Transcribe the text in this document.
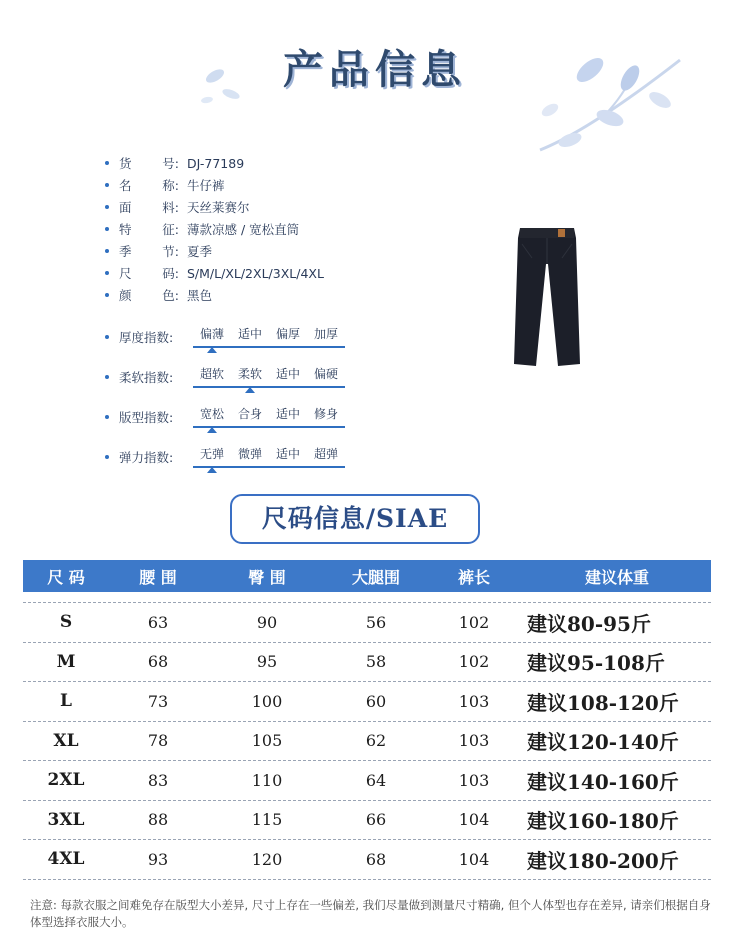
产品信息
货 号: DJ-77189
名 称: 牛仔裤
面 料: 天丝莱赛尔
特 征: 薄款凉感 / 宽松直筒
季 节: 夏季
尺 码: S/M/L/XL/2XL/3XL/4XL
颜 色: 黑色
厚度指数:	偏薄	适中	偏厚	加厚
柔软指数:	超软	柔软	适中	偏硬
版型指数:	宽松	合身	适中	修身
弹力指数:	无弹	微弹	适中	超弹
尺码信息/SIAE
尺 码	腰 围	臀 围	大腿围	裤长	建议体重
S	63	90	56	102	建议80-95斤
M	68	95	58	102	建议95-108斤
L	73	100	60	103	建议108-120斤
XL	78	105	62	103	建议120-140斤
2XL	83	110	64	103	建议140-160斤
3XL	88	115	66	104	建议160-180斤
4XL	93	120	68	104	建议180-200斤
注意: 每款衣服之间难免存在版型大小差异, 尺寸上存在一些偏差, 我们尽量做到测量尺寸精确, 但个人体型也存在差异, 请亲们根据自身体型选择衣服大小。
